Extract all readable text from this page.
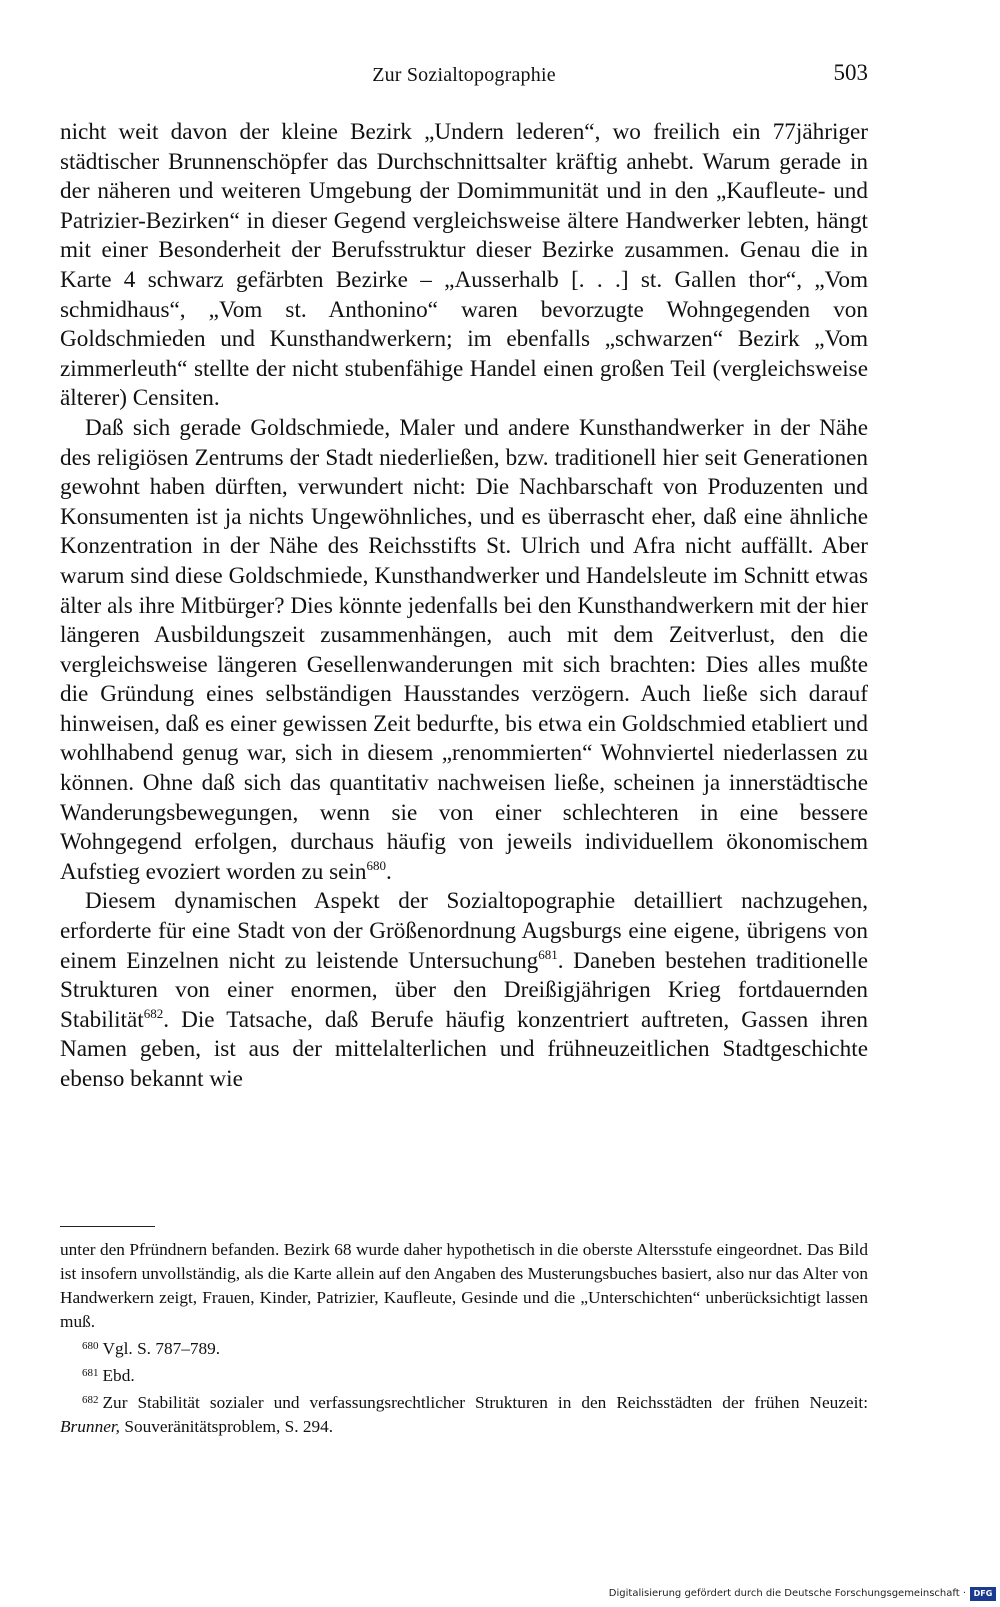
Zur Sozialtopographie	503

nicht weit davon der kleine Bezirk „Undern lederen“, wo freilich ein 77jähriger städtischer Brunnenschöpfer das Durchschnittsalter kräftig anhebt. Warum gerade in der näheren und weiteren Umgebung der Domimmunität und in den „Kaufleute- und Patrizier-Bezirken“ in dieser Gegend vergleichsweise ältere Handwerker lebten, hängt mit einer Besonderheit der Berufsstruktur dieser Bezirke zusammen. Genau die in Karte 4 schwarz gefärbten Bezirke – „Ausserhalb [. . .] st. Gallen thor“, „Vom schmidhaus“, „Vom st. Anthonino“ waren bevorzugte Wohngegenden von Goldschmieden und Kunsthandwerkern; im ebenfalls „schwarzen“ Bezirk „Vom zimmerleuth“ stellte der nicht stubenfähige Handel einen großen Teil (vergleichsweise älterer) Censiten.

Daß sich gerade Goldschmiede, Maler und andere Kunsthandwerker in der Nähe des religiösen Zentrums der Stadt niederließen, bzw. traditionell hier seit Generationen gewohnt haben dürften, verwundert nicht: Die Nachbarschaft von Produzenten und Konsumenten ist ja nichts Ungewöhnliches, und es überrascht eher, daß eine ähnliche Konzentration in der Nähe des Reichsstifts St. Ulrich und Afra nicht auffällt. Aber warum sind diese Goldschmiede, Kunsthandwerker und Handelsleute im Schnitt etwas älter als ihre Mitbürger? Dies könnte jedenfalls bei den Kunsthandwerkern mit der hier längeren Ausbildungszeit zusammenhängen, auch mit dem Zeitverlust, den die vergleichsweise längeren Gesellenwanderungen mit sich brachten: Dies alles mußte die Gründung eines selbständigen Hausstandes verzögern. Auch ließe sich darauf hinweisen, daß es einer gewissen Zeit bedurfte, bis etwa ein Goldschmied etabliert und wohlhabend genug war, sich in diesem „renommierten“ Wohnviertel niederlassen zu können. Ohne daß sich das quantitativ nachweisen ließe, scheinen ja innerstädtische Wanderungsbewegungen, wenn sie von einer schlechteren in eine bessere Wohngegend erfolgen, durchaus häufig von jeweils individuellem ökonomischem Aufstieg evoziert worden zu sein$^{680}$.

Diesem dynamischen Aspekt der Sozialtopographie detailliert nachzugehen, erforderte für eine Stadt von der Größenordnung Augsburgs eine eigene, übrigens von einem Einzelnen nicht zu leistende Untersuchung$^{681}$. Daneben bestehen traditionelle Strukturen von einer enormen, über den Dreißigjährigen Krieg fortdauernden Stabilität$^{682}$. Die Tatsache, daß Berufe häufig konzentriert auftreten, Gassen ihren Namen geben, ist aus der mittelalterlichen und frühneuzeitlichen Stadtgeschichte ebenso bekannt wie

unter den Pfründnern befanden. Bezirk 68 wurde daher hypothetisch in die oberste Altersstufe eingeordnet. Das Bild ist insofern unvollständig, als die Karte allein auf den Angaben des Musterungsbuches basiert, also nur das Alter von Handwerkern zeigt, Frauen, Kinder, Patrizier, Kaufleute, Gesinde und die „Unterschichten“ unberücksichtigt lassen muß.

$^{680}$ Vgl. S. 787–789.

$^{681}$ Ebd.

$^{682}$ Zur Stabilität sozialer und verfassungsrechtlicher Strukturen in den Reichsstädten der frühen Neuzeit: Brunner, Souveränitätsproblem, S. 294.

Digitalisierung gefördert durch die Deutsche Forschungsgemeinschaft · DFG
